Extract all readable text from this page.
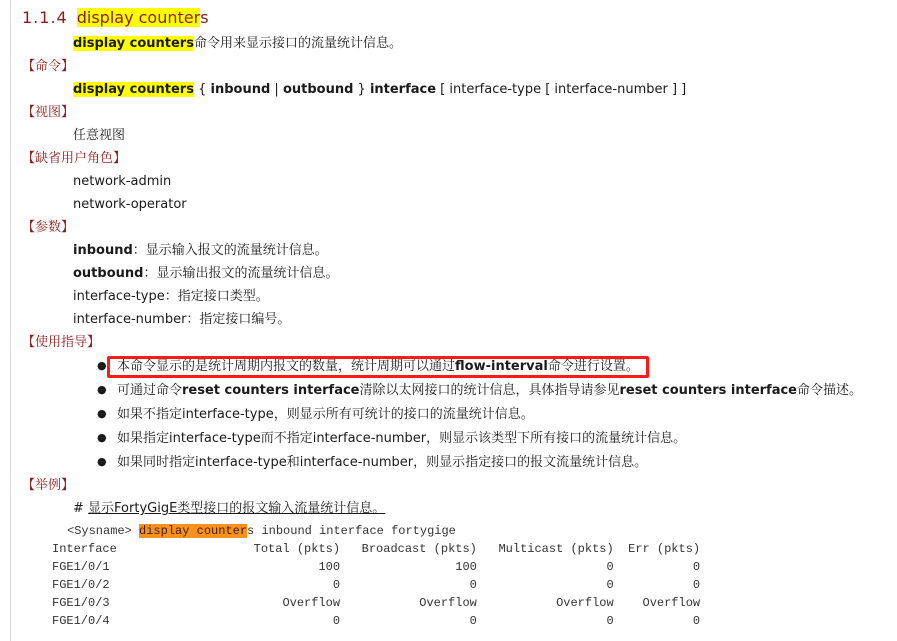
1.1.4 display counters
display counters命令用来显示接口的流量统计信息。
【命令】
display counters { inbound | outbound } interface [ interface-type [ interface-number ] ]
【视图】
任意视图
【缺省用户角色】
network-admin
network-operator
【参数】
inbound：显示输入报文的流量统计信息。
outbound：显示输出报文的流量统计信息。
interface-type：指定接口类型。
interface-number：指定接口编号。
【使用指导】
● 本命令显示的是统计周期内报文的数量，统计周期可以通过flow-interval命令进行设置。
● 可通过命令reset counters interface清除以太网接口的统计信息，具体指导请参见reset counters interface命令描述。
● 如果不指定interface-type，则显示所有可统计的接口的流量统计信息。
● 如果指定interface-type而不指定interface-number，则显示该类型下所有接口的流量统计信息。
● 如果同时指定interface-type和interface-number，则显示指定接口的报文流量统计信息。
【举例】
# 显示FortyGigE类型接口的报文输入流量统计信息。
<Sysname> display counters inbound interface fortygige
Interface                   Total (pkts)   Broadcast (pkts)   Multicast (pkts)  Err (pkts)
FGE1/0/1                             100                100                  0           0
FGE1/0/2                               0                  0                  0           0
FGE1/0/3                        Overflow           Overflow           Overflow    Overflow
FGE1/0/4                               0                  0                  0           0
